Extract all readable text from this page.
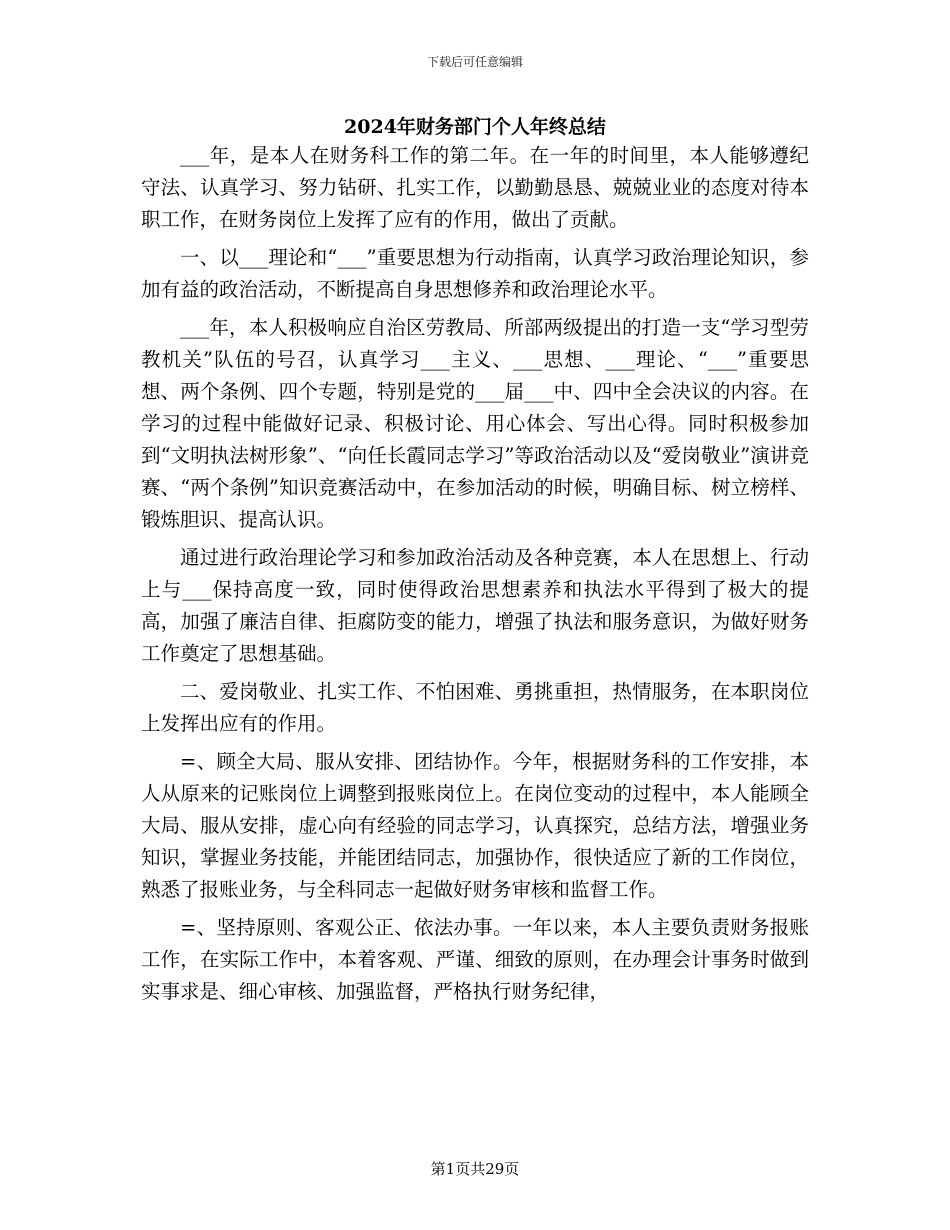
下载后可任意编辑
2024年财务部门个人年终总结

___年，是本人在财务科工作的第二年。在一年的时间里，本人能够遵纪守法、认真学习、努力钻研、扎实工作，以勤勤恳恳、兢兢业业的态度对待本职工作，在财务岗位上发挥了应有的作用，做出了贡献。

一、以___理论和“___”重要思想为行动指南，认真学习政治理论知识，参加有益的政治活动，不断提高自身思想修养和政治理论水平。

___年，本人积极响应自治区劳教局、所部两级提出的打造一支“学习型劳教机关”队伍的号召，认真学习___主义、___思想、___理论、“___”重要思想、两个条例、四个专题，特别是党的___届___中、四中全会决议的内容。在学习的过程中能做好记录、积极讨论、用心体会、写出心得。同时积极参加到“文明执法树形象”、“向任长霞同志学习”等政治活动以及“爱岗敬业”演讲竞赛、“两个条例”知识竞赛活动中，在参加活动的时候，明确目标、树立榜样、锻炼胆识、提高认识。

通过进行政治理论学习和参加政治活动及各种竞赛，本人在思想上、行动上与___保持高度一致，同时使得政治思想素养和执法水平得到了极大的提高，加强了廉洁自律、拒腐防变的能力，增强了执法和服务意识，为做好财务工作奠定了思想基础。

二、爱岗敬业、扎实工作、不怕困难、勇挑重担，热情服务，在本职岗位上发挥出应有的作用。

=、顾全大局、服从安排、团结协作。今年，根据财务科的工作安排，本人从原来的记账岗位上调整到报账岗位上。在岗位变动的过程中，本人能顾全大局、服从安排，虚心向有经验的同志学习，认真探究，总结方法，增强业务知识，掌握业务技能，并能团结同志，加强协作，很快适应了新的工作岗位，熟悉了报账业务，与全科同志一起做好财务审核和监督工作。

=、坚持原则、客观公正、依法办事。一年以来，本人主要负责财务报账工作，在实际工作中，本着客观、严谨、细致的原则，在办理会计事务时做到实事求是、细心审核、加强监督，严格执行财务纪律，

第1页共29页
